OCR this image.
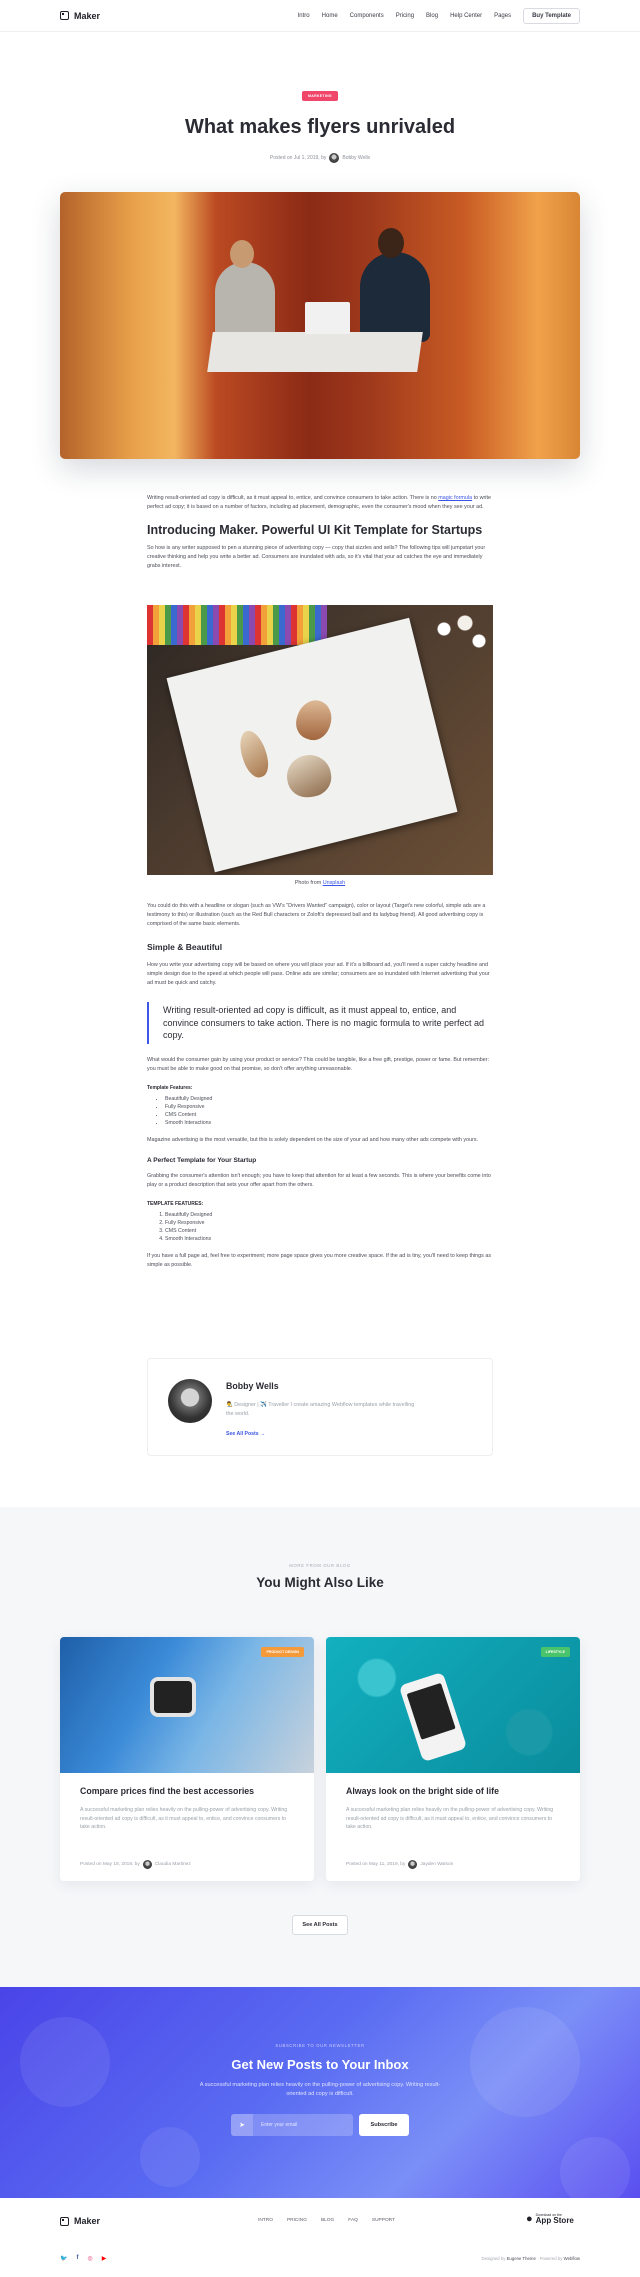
Maker	Intro Home Components Pricing Blog Help Center Pages	Buy Template
MARKETING
What makes flyers unrivaled
Posted on Jul 1, 2019, by	Bobby Wells

Writing result-oriented ad copy is difficult, as it must appeal to, entice, and convince consumers to take action. There is no magic formula to write perfect ad copy; it is based on a number of factors, including ad placement, demographic, even the consumer's mood when they see your ad.

Introducing Maker. Powerful UI Kit Template for Startups

So how is any writer supposed to pen a stunning piece of advertising copy — copy that sizzles and sells? The following tips will jumpstart your creative thinking and help you write a better ad. Consumers are inundated with ads, so it's vital that your ad catches the eye and immediately grabs interest.

Photo from Unsplash

You could do this with a headline or slogan (such as VW's "Drivers Wanted" campaign), color or layout (Target's new colorful, simple ads are a testimony to this) or illustration (such as the Red Bull characters or Zoloft's depressed ball and its ladybug friend). All good advertising copy is comprised of the same basic elements.

Simple & Beautiful

How you write your advertising copy will be based on where you will place your ad. If it's a billboard ad, you'll need a super catchy headline and simple design due to the speed at which people will pass. Online ads are similar; consumers are so inundated with Internet advertising that your ad must be quick and catchy.

Writing result-oriented ad copy is difficult, as it must appeal to, entice, and convince consumers to take action. There is no magic formula to write perfect ad copy.

What would the consumer gain by using your product or service? This could be tangible, like a free gift, prestige, power or fame. But remember: you must be able to make good on that promise, so don't offer anything unreasonable.

Template Features:
• Beautifully Designed
• Fully Responsive
• CMS Content
• Smooth Interactions

Magazine advertising is the most versatile, but this is solely dependent on the size of your ad and how many other ads compete with yours.

A Perfect Template for Your Startup

Grabbing the consumer's attention isn't enough; you have to keep that attention for at least a few seconds. This is where your benefits come into play or a product description that sets your offer apart from the others.

TEMPLATE FEATURES:
1. Beautifully Designed
2. Fully Responsive
3. CMS Content
4. Smooth Interactions

If you have a full page ad, feel free to experiment; more page space gives you more creative space. If the ad is tiny, you'll need to keep things as simple as possible.

Bobby Wells
👨‍🎨 Designer | ✈️ Traveller I create amazing Webflow templates while travelling the world.
See All Posts →
MORE FROM OUR BLOG
You Might Also Like
PRODUCT DESIGN
Compare prices find the best accessories
A successful marketing plan relies heavily on the pulling-power of advertising copy. Writing result-oriented ad copy is difficult, as it must appeal to, entice, and convince consumers to take action.
Posted on May 18, 2019, by	Claudia Martinez
LIFESTYLE
Always look on the bright side of life
A successful marketing plan relies heavily on the pulling-power of advertising copy. Writing result-oriented ad copy is difficult, as it must appeal to, entice, and convince consumers to take action.
Posted on May 11, 2019, by	Jayden Watson
See All Posts
SUBSCRIBE TO OUR NEWSLETTER
Get New Posts to Your Inbox
A successful marketing plan relies heavily on the pulling-power of advertising copy. Writing result-oriented ad copy is difficult.
➤	Enter your email	Subscribe
Maker	INTRO	PRICING	BLOG	FAQ	SUPPORT	● Download on the
App Store
🐦 f ◎ ▶	Designed by Eugene Theme · Powered by Webflow
